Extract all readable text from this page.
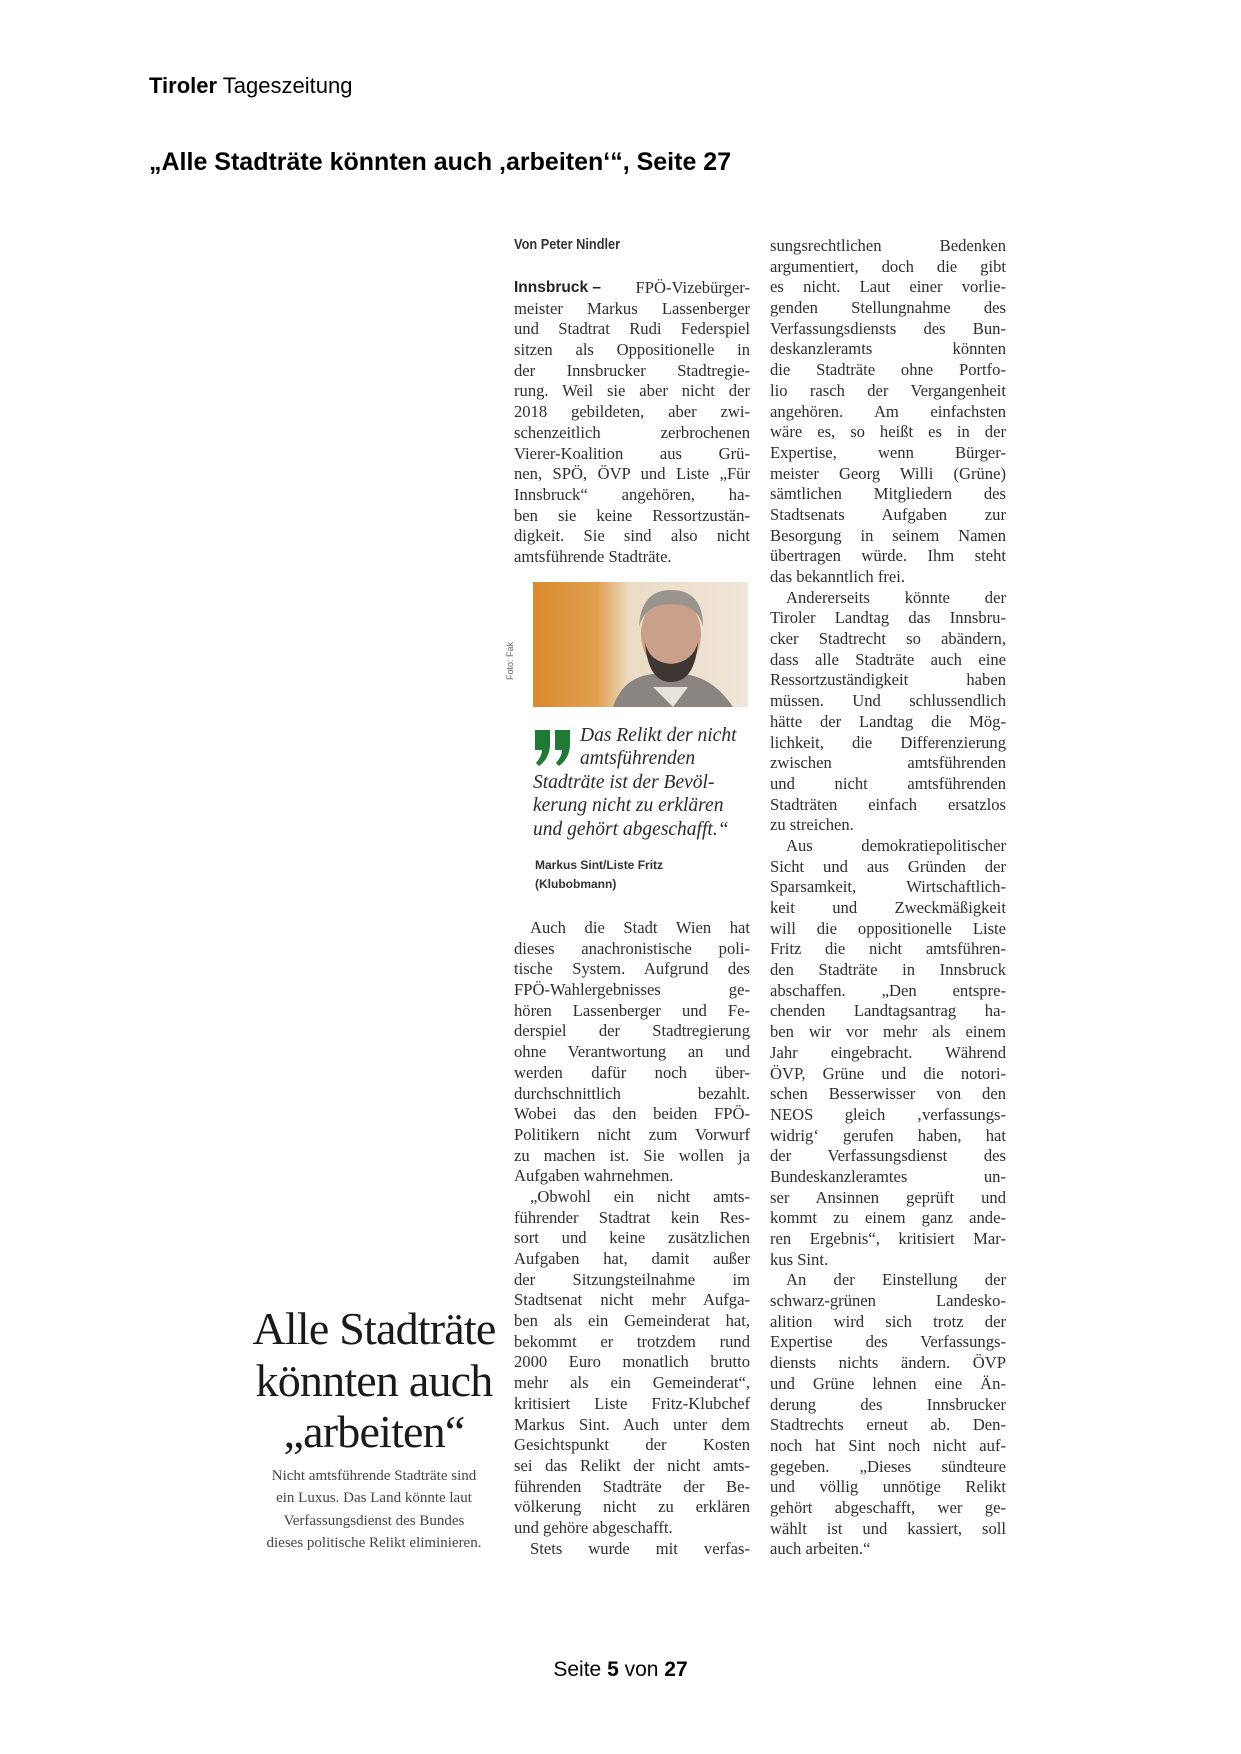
Tiroler Tageszeitung
„Alle Stadträte könnten auch ‚arbeiten‘“, Seite 27
Von Peter Nindler
Innsbruck – FPÖ-Vizebürger-
meister Markus Lassenberger
und Stadtrat Rudi Federspiel
sitzen als Oppositionelle in
der Innsbrucker Stadtregie-
rung. Weil sie aber nicht der
2018 gebildeten, aber zwi-
schenzeitlich zerbrochenen
Vierer-Koalition aus Grü-
nen, SPÖ, ÖVP und Liste „Für
Innsbruck“ angehören, ha-
ben sie keine Ressortzustän-
digkeit. Sie sind also nicht
amtsführende Stadträte.
Foto: Fak
Das Relikt der nicht
amtsführenden
Stadträte ist der Bevöl-
kerung nicht zu erklären
und gehört abgeschafft.“
Markus Sint/Liste Fritz
(Klubobmann)
Auch die Stadt Wien hat
dieses anachronistische poli-
tische System. Aufgrund des
FPÖ-Wahlergebnisses ge-
hören Lassenberger und Fe-
derspiel der Stadtregierung
ohne Verantwortung an und
werden dafür noch über-
durchschnittlich bezahlt.
Wobei das den beiden FPÖ-
Politikern nicht zum Vorwurf
zu machen ist. Sie wollen ja
Aufgaben wahrnehmen.
„Obwohl ein nicht amts-
führender Stadtrat kein Res-
sort und keine zusätzlichen
Aufgaben hat, damit außer
der Sitzungsteilnahme im
Stadtsenat nicht mehr Aufga-
ben als ein Gemeinderat hat,
bekommt er trotzdem rund
2000 Euro monatlich brutto
mehr als ein Gemeinderat“,
kritisiert Liste Fritz-Klubchef
Markus Sint. Auch unter dem
Gesichtspunkt der Kosten
sei das Relikt der nicht amts-
führenden Stadträte der Be-
völkerung nicht zu erklären
und gehöre abgeschafft.
Stets wurde mit verfas-
sungsrechtlichen Bedenken
argumentiert, doch die gibt
es nicht. Laut einer vorlie-
genden Stellungnahme des
Verfassungsdiensts des Bun-
deskanzleramts könnten
die Stadträte ohne Portfo-
lio rasch der Vergangenheit
angehören. Am einfachsten
wäre es, so heißt es in der
Expertise, wenn Bürger-
meister Georg Willi (Grüne)
sämtlichen Mitgliedern des
Stadtsenats Aufgaben zur
Besorgung in seinem Namen
übertragen würde. Ihm steht
das bekanntlich frei.
Andererseits könnte der
Tiroler Landtag das Innsbru-
cker Stadtrecht so abändern,
dass alle Stadträte auch eine
Ressortzuständigkeit haben
müssen. Und schlussendlich
hätte der Landtag die Mög-
lichkeit, die Differenzierung
zwischen amtsführenden
und nicht amtsführenden
Stadträten einfach ersatzlos
zu streichen.
Aus demokratiepolitischer
Sicht und aus Gründen der
Sparsamkeit, Wirtschaftlich-
keit und Zweckmäßigkeit
will die oppositionelle Liste
Fritz die nicht amtsführen-
den Stadträte in Innsbruck
abschaffen. „Den entspre-
chenden Landtagsantrag ha-
ben wir vor mehr als einem
Jahr eingebracht. Während
ÖVP, Grüne und die notori-
schen Besserwisser von den
NEOS gleich ‚verfassungs-
widrig‘ gerufen haben, hat
der Verfassungsdienst des
Bundeskanzleramtes un-
ser Ansinnen geprüft und
kommt zu einem ganz ande-
ren Ergebnis“, kritisiert Mar-
kus Sint.
An der Einstellung der
schwarz-grünen Landesko-
alition wird sich trotz der
Expertise des Verfassungs-
diensts nichts ändern. ÖVP
und Grüne lehnen eine Än-
derung des Innsbrucker
Stadtrechts erneut ab. Den-
noch hat Sint noch nicht auf-
gegeben. „Dieses sündteure
und völlig unnötige Relikt
gehört abgeschafft, wer ge-
wählt ist und kassiert, soll
auch arbeiten.“
Alle Stadträte
könnten auch
„arbeiten“
Nicht amtsführende Stadträte sind
ein Luxus. Das Land könnte laut
Verfassungsdienst des Bundes
dieses politische Relikt eliminieren.
Seite 5 von 27
